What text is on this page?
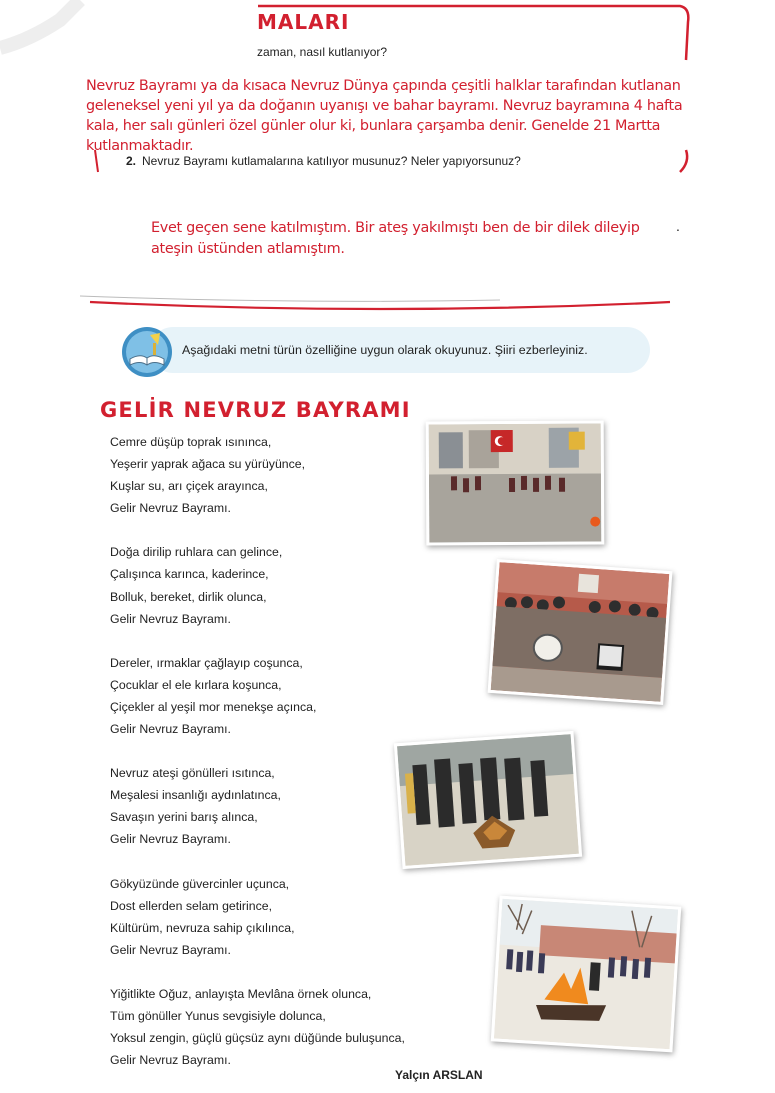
MALARI
zaman, nasıl kutlanıyor?
Nevruz Bayramı ya da kısaca Nevruz Dünya çapında çeşitli halklar tarafından kutlanan geleneksel yeni yıl ya da doğanın uyanışı ve bahar bayramı. Nevruz bayramına 4 hafta kala, her salı günleri özel günler olur ki, bunlara çarşamba denir. Genelde 21 Martta kutlanmaktadır.
2. Nevruz Bayramı kutlamalarına katılıyor musunuz? Neler yapıyorsunuz?
Evet geçen sene katılmıştım. Bir ateş yakılmıştı ben de bir dilek dileyip ateşin üstünden atlamıştım.
.
Aşağıdaki metni türün özelliğine uygun olarak okuyunuz. Şiiri ezberleyiniz.
GELİR NEVRUZ BAYRAMI
Cemre düşüp toprak ısınınca,
Yeşerir yaprak ağaca su yürüyünce,
Kuşlar su, arı çiçek arayınca,
Gelir Nevruz Bayramı.
Doğa dirilip ruhlara can gelince,
Çalışınca karınca, kaderince,
Bolluk, bereket, dirlik olunca,
Gelir Nevruz Bayramı.
Dereler, ırmaklar çağlayıp coşunca,
Çocuklar el ele kırlara koşunca,
Çiçekler al yeşil mor menekşe açınca,
Gelir Nevruz Bayramı.
Nevruz ateşi gönülleri ısıtınca,
Meşalesi insanlığı aydınlatınca,
Savaşın yerini barış alınca,
Gelir Nevruz Bayramı.
Gökyüzünde güvercinler uçunca,
Dost ellerden selam getirince,
Kültürüm, nevruza sahip çıkılınca,
Gelir Nevruz Bayramı.
Yiğitlikte Oğuz, anlayışta Mevlâna örnek olunca,
Tüm gönüller Yunus sevgisiyle dolunca,
Yoksul zengin, güçlü güçsüz aynı düğünde buluşunca,
Gelir Nevruz Bayramı.
Yalçın ARSLAN
